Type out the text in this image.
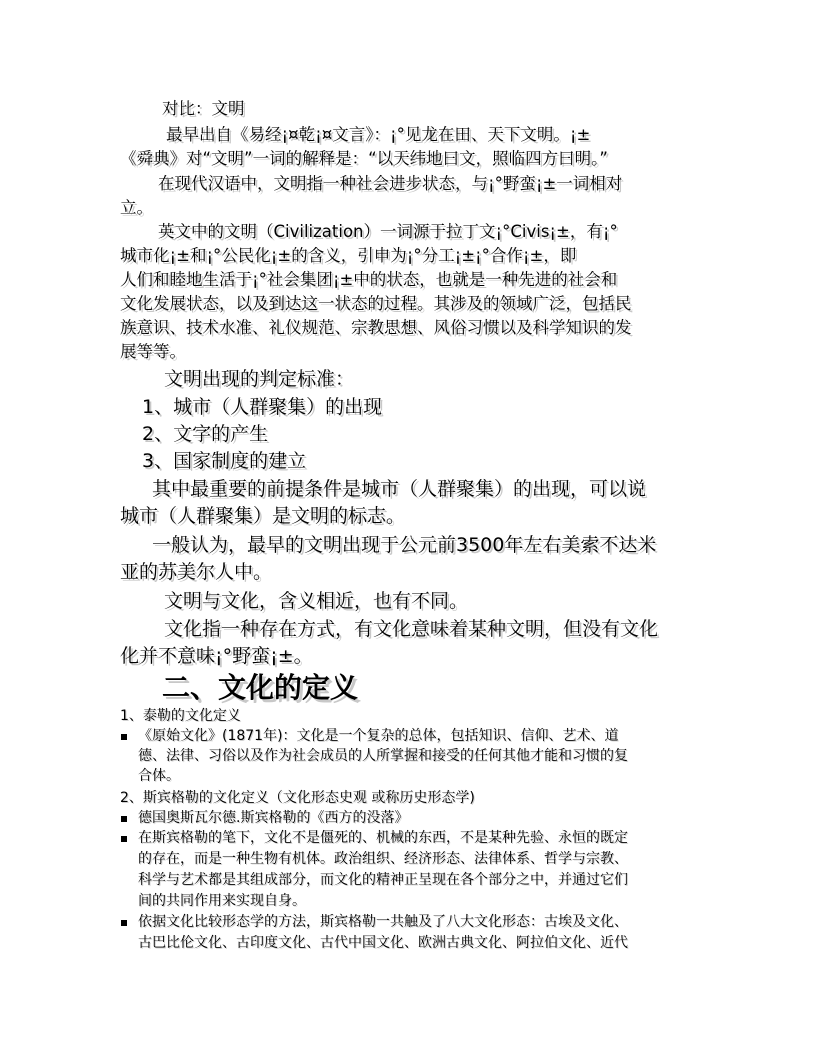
对比：文明
最早出自《易经¡¤乾¡¤文言》：¡°见龙在田、天下文明。¡±
《舜典》对“文明”一词的解释是：“以天纬地曰文，照临四方曰明。”
在现代汉语中，文明指一种社会进步状态，与¡°野蛮¡±一词相对
立。
英文中的文明（Civilization）一词源于拉丁文¡°Civis¡±，有¡°
城市化¡±和¡°公民化¡±的含义，引申为¡°分工¡±¡°合作¡±，即
人们和睦地生活于¡°社会集团¡±中的状态，也就是一种先进的社会和
文化发展状态，以及到达这一状态的过程。其涉及的领域广泛，包括民
族意识、技术水准、礼仪规范、宗教思想、风俗习惯以及科学知识的发
展等等。
文明出现的判定标准：
1、城市（人群聚集）的出现
2、文字的产生
3、国家制度的建立
其中最重要的前提条件是城市（人群聚集）的出现，可以说
城市（人群聚集）是文明的标志。
一般认为，最早的文明出现于公元前3500年左右美索不达米
亚的苏美尔人中。
文明与文化，含义相近，也有不同。
文化指一种存在方式，有文化意味着某种文明，但没有文化
化并不意味¡°野蛮¡±。
二、文化的定义
1、泰勒的文化定义
《原始文化》(1871年)：文化是一个复杂的总体，包括知识、信仰、艺术、道
德、法律、习俗以及作为社会成员的人所掌握和接受的任何其他才能和习惯的复
合体。
2、斯宾格勒的文化定义（文化形态史观 或称历史形态学)
德国奥斯瓦尔德.斯宾格勒的《西方的没落》
在斯宾格勒的笔下，文化不是僵死的、机械的东西，不是某种先验、永恒的既定
的存在，而是一种生物有机体。政治组织、经济形态、法律体系、哲学与宗教、
科学与艺术都是其组成部分，而文化的精神正呈现在各个部分之中，并通过它们
间的共同作用来实现自身。
依据文化比较形态学的方法，斯宾格勒一共触及了八大文化形态：古埃及文化、
古巴比伦文化、古印度文化、古代中国文化、欧洲古典文化、阿拉伯文化、近代
